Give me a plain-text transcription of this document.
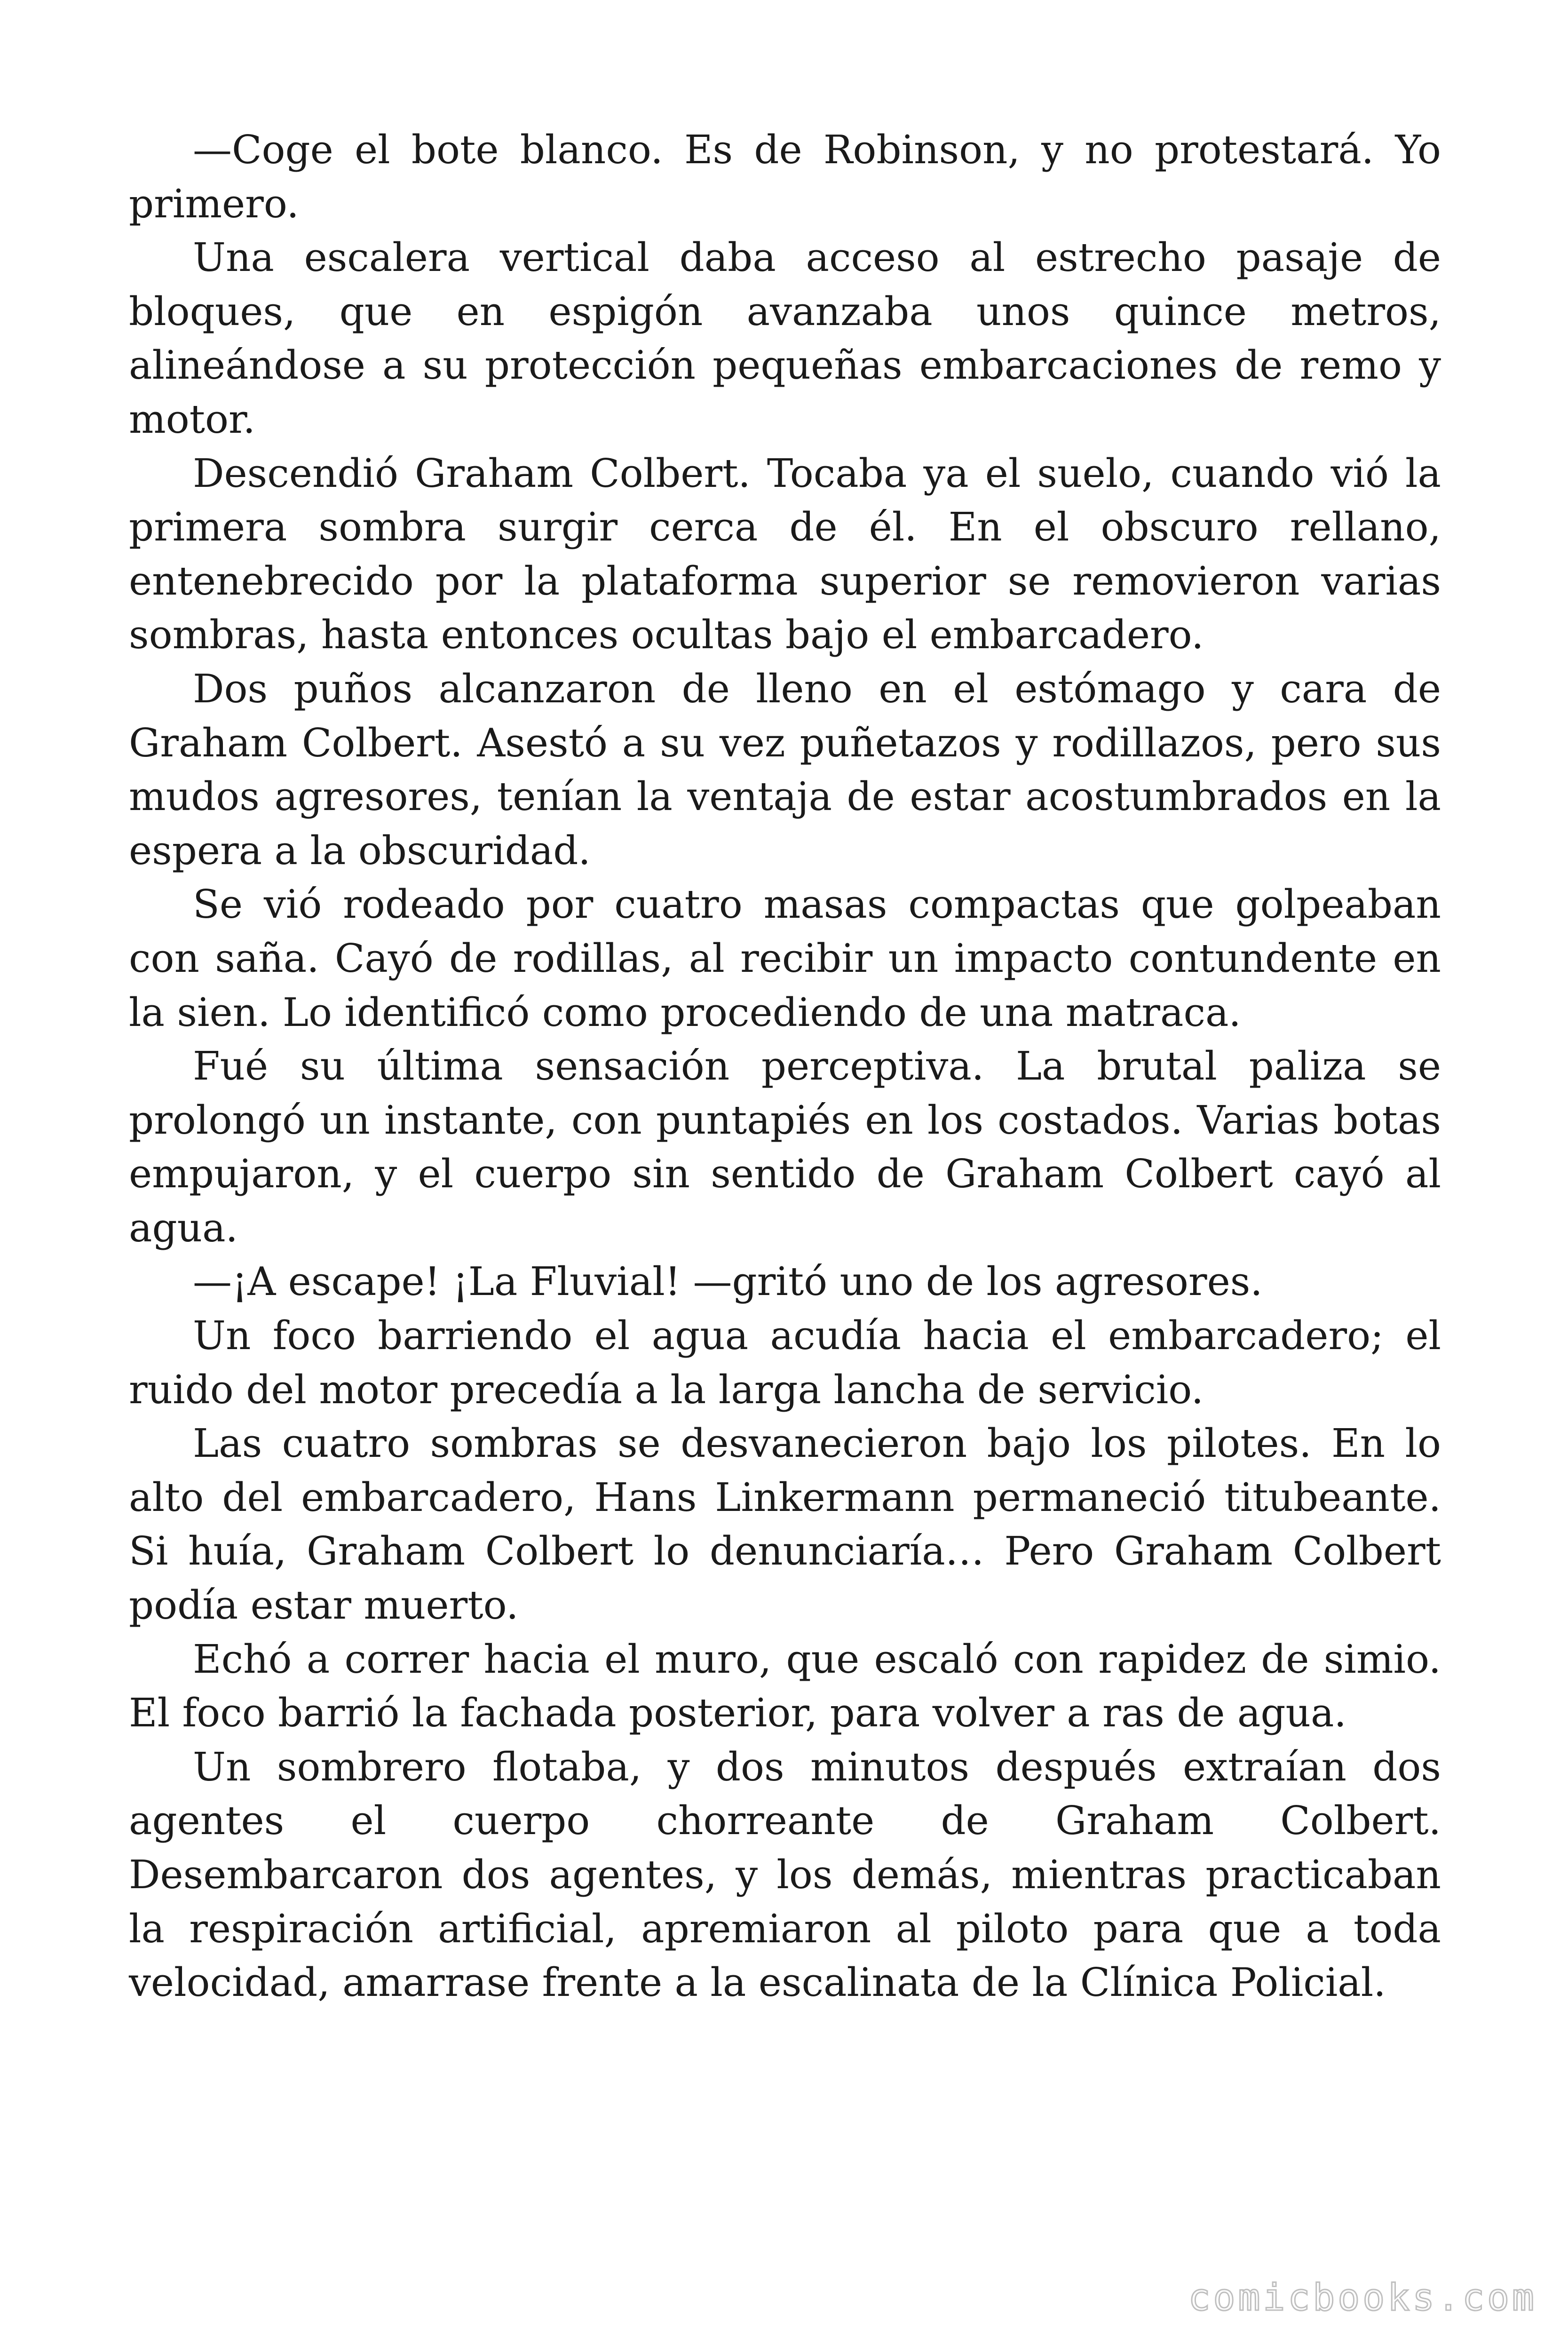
—Coge el bote blanco. Es de Robinson, y no protestará. Yo primero.

Una escalera vertical daba acceso al estrecho pasaje de bloques, que en espigón avanzaba unos quince metros, alineándose a su protección pequeñas embarcaciones de remo y motor.

Descendió Graham Colbert. Tocaba ya el suelo, cuando vió la primera sombra surgir cerca de él. En el obscuro rellano, entenebrecido por la plataforma superior se removieron varias sombras, hasta entonces ocultas bajo el embarcadero.

Dos puños alcanzaron de lleno en el estómago y cara de Graham Colbert. Asestó a su vez puñetazos y rodillazos, pero sus mudos agresores, tenían la ventaja de estar acostumbrados en la espera a la obscuridad.

Se vió rodeado por cuatro masas compactas que golpeaban con saña. Cayó de rodillas, al recibir un impacto contundente en la sien. Lo identificó como procediendo de una matraca.

Fué su última sensación perceptiva. La brutal paliza se prolongó un instante, con puntapiés en los costados. Varias botas empujaron, y el cuerpo sin sentido de Graham Colbert cayó al agua.

—¡A escape! ¡La Fluvial! —gritó uno de los agresores.

Un foco barriendo el agua acudía hacia el embarcadero; el ruido del motor precedía a la larga lancha de servicio.

Las cuatro sombras se desvanecieron bajo los pilotes. En lo alto del embarcadero, Hans Linkermann permaneció titubeante. Si huía, Graham Colbert lo denunciaría… Pero Graham Colbert podía estar muerto.

Echó a correr hacia el muro, que escaló con rapidez de simio. El foco barrió la fachada posterior, para volver a ras de agua.

Un sombrero flotaba, y dos minutos después extraían dos agentes el cuerpo chorreante de Graham Colbert. Desembarcaron dos agentes, y los demás, mientras practicaban la respiración artificial, apremiaron al piloto para que a toda velocidad, amarrase frente a la escalinata de la Clínica Policial.

comicbooks.com
